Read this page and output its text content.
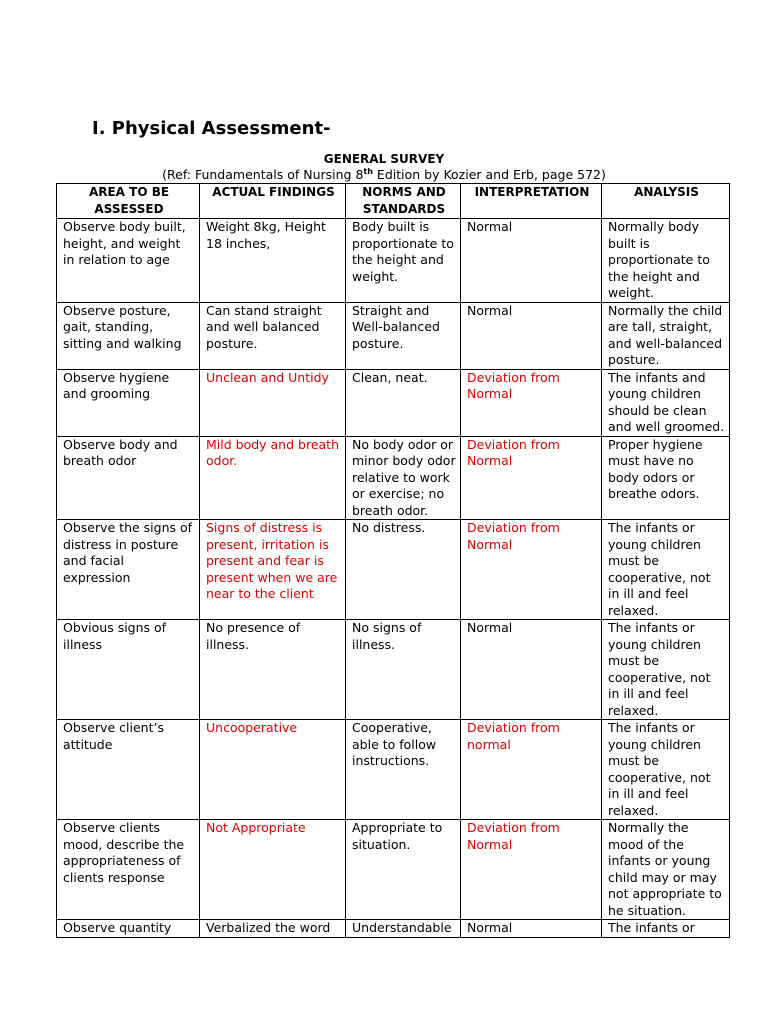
I. Physical Assessment-
GENERAL SURVEY
(Ref: Fundamentals of Nursing 8th Edition by Kozier and Erb, page 572)
AREA TO BE ASSESSED	ACTUAL FINDINGS	NORMS AND STANDARDS	INTERPRETATION	ANALYSIS
Observe body built, height, and weight in relation to age	Weight 8kg, Height 18 inches,	Body built is proportionate to the height and weight.	Normal	Normally body built is proportionate to the height and weight.
Observe posture, gait, standing, sitting and walking	Can stand straight and well balanced posture.	Straight and Well-balanced posture.	Normal	Normally the child are tall, straight, and well-balanced posture.
Observe hygiene and grooming	Unclean and Untidy	Clean, neat.	Deviation from Normal	The infants and young children should be clean and well groomed.
Observe body and breath odor	Mild body and breath odor.	No body odor or minor body odor relative to work or exercise; no breath odor.	Deviation from Normal	Proper hygiene must have no body odors or breathe odors.
Observe the signs of distress in posture and facial expression	Signs of distress is present, irritation is present and fear is present when we are near to the client	No distress.	Deviation from Normal	The infants or young children must be cooperative, not in ill and feel relaxed.
Obvious signs of illness	No presence of illness.	No signs of illness.	Normal	The infants or young children must be cooperative, not in ill and feel relaxed.
Observe client’s attitude	Uncooperative	Cooperative, able to follow instructions.	Deviation from normal	The infants or young children must be cooperative, not in ill and feel relaxed.
Observe clients mood, describe the appropriateness of clients response	Not Appropriate	Appropriate to situation.	Deviation from Normal	Normally the mood of the infants or young child may or may not appropriate to he situation.
Observe quantity	Verbalized the word	Understandable	Normal	The infants or
